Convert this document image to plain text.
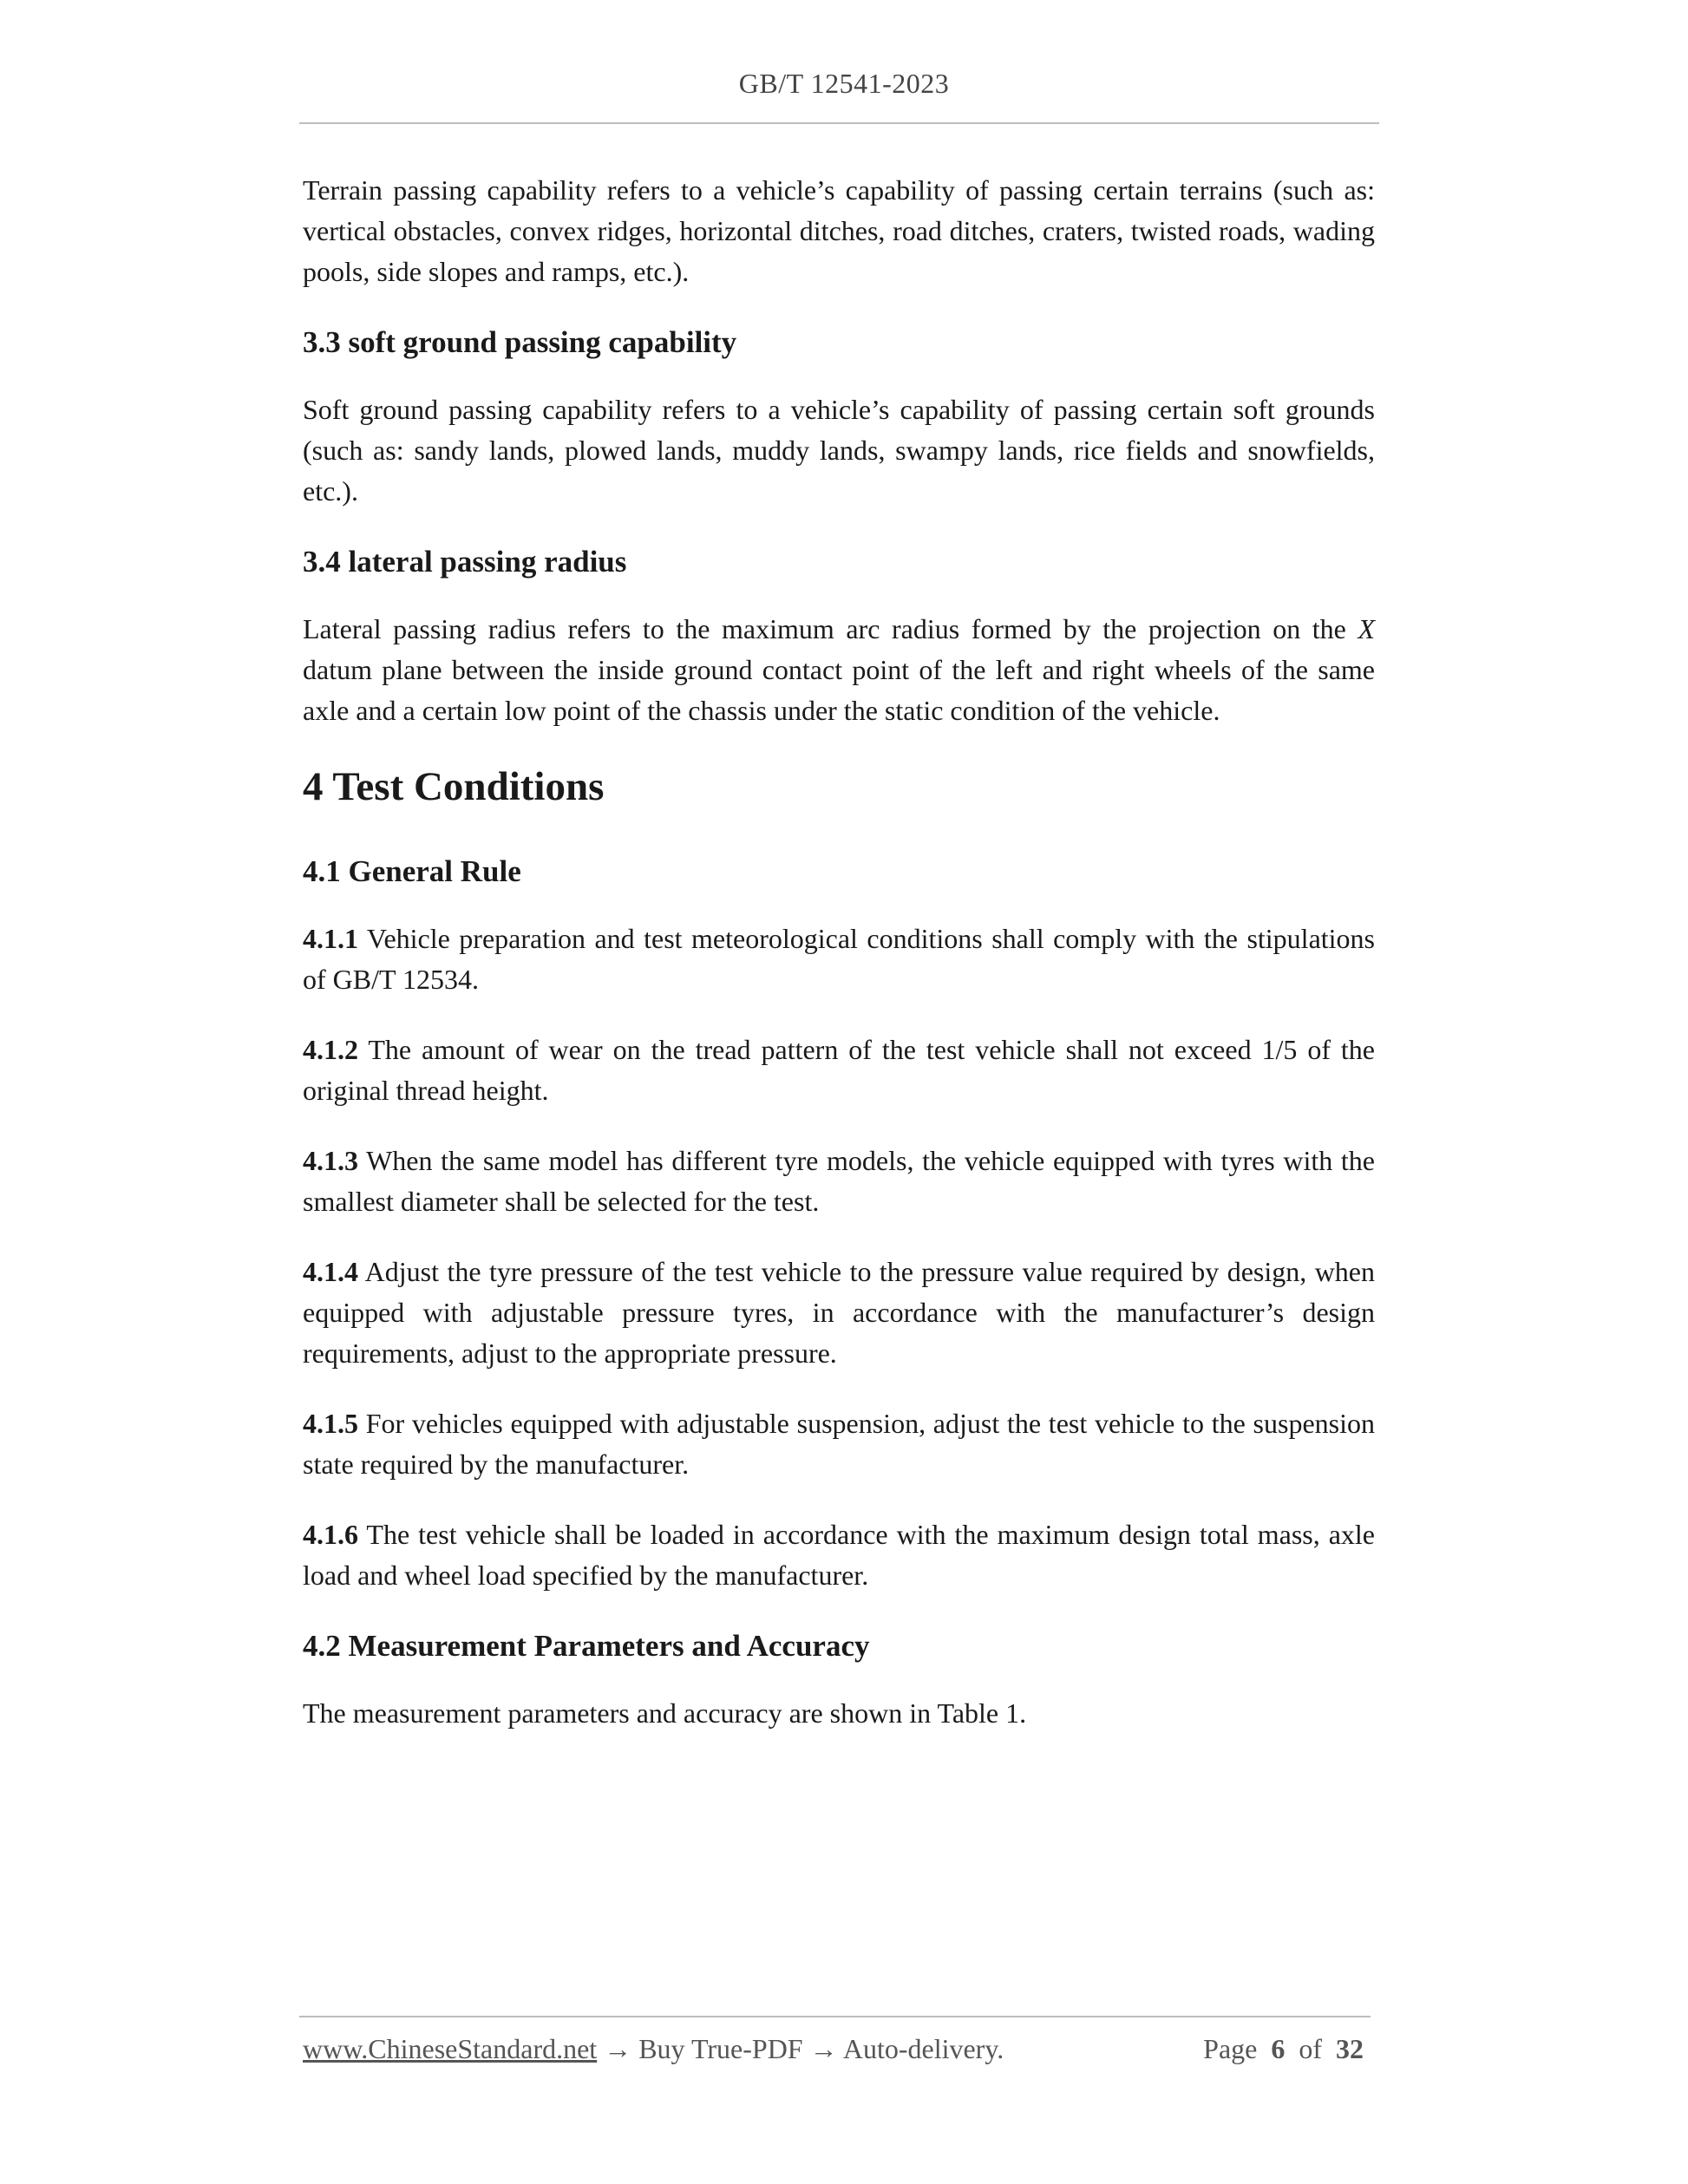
GB/T 12541-2023

Terrain passing capability refers to a vehicle’s capability of passing certain terrains (such as: vertical obstacles, convex ridges, horizontal ditches, road ditches, craters, twisted roads, wading pools, side slopes and ramps, etc.).

3.3 soft ground passing capability

Soft ground passing capability refers to a vehicle’s capability of passing certain soft grounds (such as: sandy lands, plowed lands, muddy lands, swampy lands, rice fields and snowfields, etc.).

3.4 lateral passing radius

Lateral passing radius refers to the maximum arc radius formed by the projection on the X datum plane between the inside ground contact point of the left and right wheels of the same axle and a certain low point of the chassis under the static condition of the vehicle.

4 Test Conditions
4.1 General Rule

4.1.1 Vehicle preparation and test meteorological conditions shall comply with the stipulations of GB/T 12534.

4.1.2 The amount of wear on the tread pattern of the test vehicle shall not exceed 1/5 of the original thread height.

4.1.3 When the same model has different tyre models, the vehicle equipped with tyres with the smallest diameter shall be selected for the test.

4.1.4 Adjust the tyre pressure of the test vehicle to the pressure value required by design, when equipped with adjustable pressure tyres, in accordance with the manufacturer’s design requirements, adjust to the appropriate pressure.

4.1.5 For vehicles equipped with adjustable suspension, adjust the test vehicle to the suspension state required by the manufacturer.

4.1.6 The test vehicle shall be loaded in accordance with the maximum design total mass, axle load and wheel load specified by the manufacturer.

4.2 Measurement Parameters and Accuracy

The measurement parameters and accuracy are shown in Table 1.

www.ChineseStandard.net → Buy True-PDF → Auto-delivery.	Page 6 of 32
